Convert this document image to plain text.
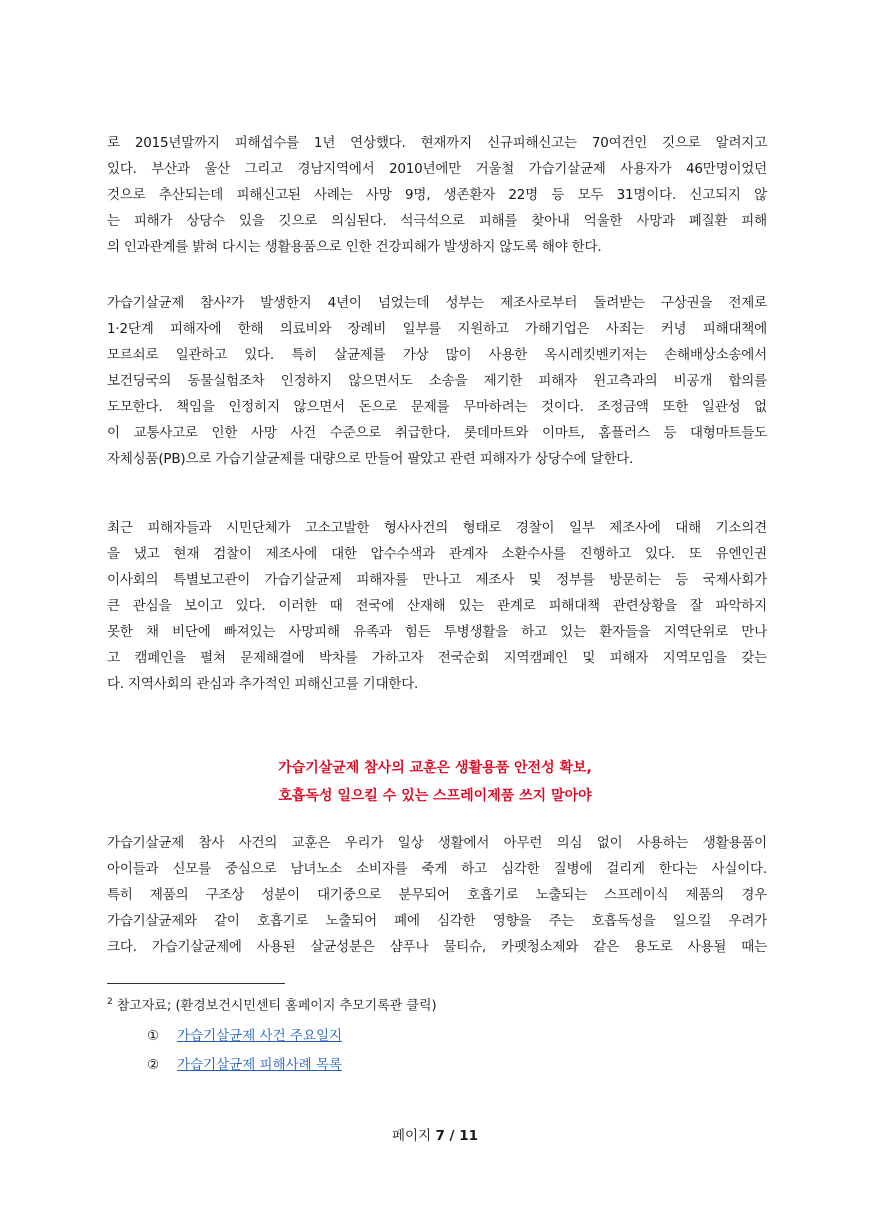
로 2015년말까지 피해섭수를 1년 연상했다. 현재까지 신규피해신고는 70여건인 깃으로 알려지고
있다. 부산과 울산 그리고 경남지역에서 2010년에만 거울철 가습기살균제 사용자가 46만명이었던
것으로 추산되는데 피해신고된 사례는 사망 9명, 생존환자 22명 등 모두 31명이다. 신고되지 않
는 피해가 상당수 있을 깃으로 의심된다. 석극석으로 피해를 찾아내 억울한 사망과 폐질환 피해
의 인과관계를 밝혀 다시는 생활용품으로 인한 건강피해가 발생하지 않도록 해야 한다.
가습기살균제 참사²가 발생한지 4년이 넘었는데 성부는 제조사로부터 돌려받는 구상권을 전제로
1·2단계 피해자에 한해 의료비와 장례비 일부를 지원하고 가해기업은 사죄는 커녕 피해대책에
모르쇠로 일관하고 있다. 특히 살균제를 가상 많이 사용한 옥시레킷벤키저는 손해배상소송에서
보건딩국의 동물실험조차 인정하지 않으면서도 소송을 제기한 피해자 윈고측과의 비공개 합의를
도모한다. 책임을 인정히지 않으면서 돈으로 문제를 무마하려는 것이다. 조정금액 또한 일관성 없
이 교통사고로 인한 사망 사건 수준으로 취급한다. 롯데마트와 이마트, 홈플러스 등 대형마트들도
자체싱품(PB)으로 가습기살균제를 대량으로 만들어 팔았고 관련 피해자가 상당수에 달한다.
최근 피해자들과 시민단체가 고소고발한 형사사건의 형태로 경찰이 일부 제조사에 대해 기소의견
을 냈고 현재 검찰이 제조사에 대한 압수수색과 관계자 소환수사를 진행하고 있다. 또 유엔인권
이사회의 특별보고관이 가습기살균제 피해자를 만나고 제조사 및 정부를 방문히는 등 국제사회가
큰 관심을 보이고 있다. 이러한 때 전국에 산재해 있는 관계로 피해대책 관련상황을 잘 파악하지
못한 채 비단에 빠져있는 사망피해 유족과 힘든 투병생활을 하고 있는 환자들을 지역단위로 만나
고 캠페인을 펼쳐 문제해결에 박차를 가하고자 전국순회 지역캠페인 및 피해자 지역모임을 갖는
다. 지역사회의 관심과 추가적인 피해신고를 기대한다.
가습기살균제 참사의 교훈은 생활용품 안전성 확보,
호흡독성 일으킬 수 있는 스프레이제품 쓰지 말아야
가습기살균제 참사 사건의 교훈은 우리가 일상 생활에서 아무런 의심 없이 사용하는 생활용품이
아이들과 신모를 중심으로 남녀노소 소비자를 죽게 하고 심각한 질병에 걸리게 한다는 사실이다.
특히 제품의 구조상 성분이 대기중으로 분무되어 호흡기로 노출되는 스프레이식 제품의 경우
가습기살균제와 같이 호흡기로 노출되어 폐에 심각한 영향을 주는 호흡독성을 일으킬 우려가
크다. 가습기살균제에 사용된 살균성분은 샴푸나 물티슈, 카펫청소제와 같은 용도로 사용될 때는
$^2$ 참고자료; (환경보건시민센티 홈페이지 추모기록관 클릭)
① 가습기살균제 사건 주요일지
② 가습기살균제 피해사례 목록
페이지 7 / 11
